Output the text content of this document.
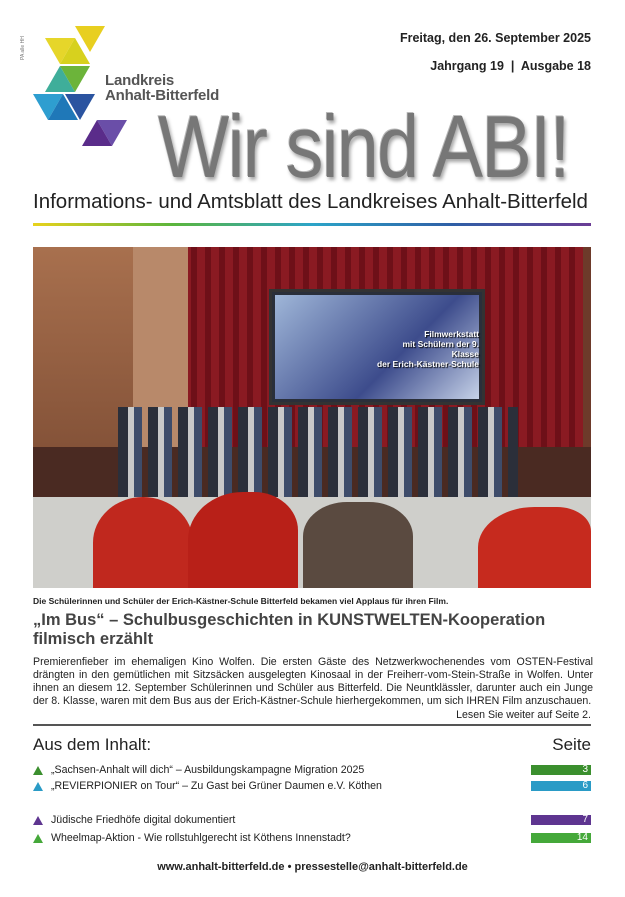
PA alle HH	Freitag, den 26. September 2025
Jahrgang 19  |  Ausgabe 18
Landkreis
Anhalt-Bitterfeld
Wir sind ABI!
Informations- und Amtsblatt des Landkreises Anhalt-Bitterfeld
Filmwerkstatt
mit Schülern der 9. Klasse
der Erich-Kästner-Schule
Die Schülerinnen und Schüler der Erich-Kästner-Schule Bitterfeld bekamen viel Applaus für ihren Film.
„Im Bus“ – Schulbusgeschichten in KUNSTWELTEN-Kooperation filmisch erzählt
Premierenfieber im ehemaligen Kino Wolfen. Die ersten Gäste des Netzwerkwochenendes vom OSTEN-Festival drängten in den gemütlichen mit Sitzsäcken ausgelegten Kinosaal in der Freiherr-vom-Stein-Straße in Wolfen. Unter ihnen an diesem 12. September Schülerinnen und Schüler aus Bitterfeld. Die Neuntklässler, darunter auch ein Junge der 8. Klasse, waren mit dem Bus aus der Erich-Kästner-Schule hierhergekommen, um sich IHREN Film anzuschauen.
Lesen Sie weiter auf Seite 2.
Aus dem Inhalt:	Seite
„Sachsen-Anhalt will dich“ – Ausbildungskampagne Migration 2025	3
„REVIERPIONIER on Tour“ – Zu Gast bei Grüner Daumen e.V. Köthen	6
Jüdische Friedhöfe digital dokumentiert	7
Wheelmap-Aktion - Wie rollstuhlgerecht ist Köthens Innenstadt?	14
www.anhalt-bitterfeld.de • pressestelle@anhalt-bitterfeld.de
